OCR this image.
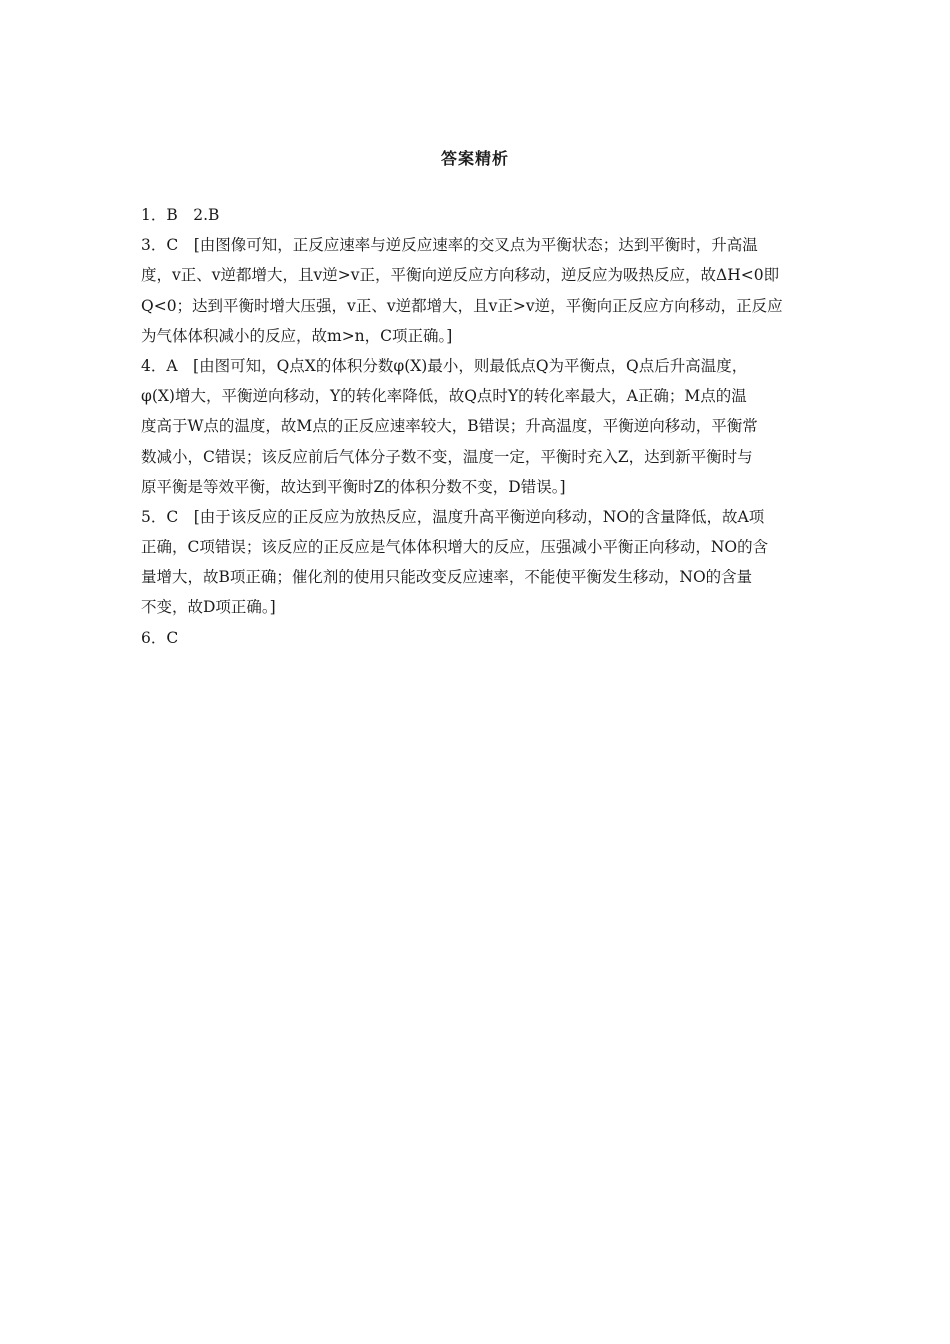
答案精析
1．B　2.B
3．C　[由图像可知，正反应速率与逆反应速率的交叉点为平衡状态；达到平衡时，升高温
度，v正、v逆都增大，且v逆>v正，平衡向逆反应方向移动，逆反应为吸热反应，故ΔH<0即
Q<0；达到平衡时增大压强，v正、v逆都增大，且v正>v逆，平衡向正反应方向移动，正反应
为气体体积减小的反应，故m>n，C项正确。]
4．A　[由图可知，Q点X的体积分数φ(X)最小，则最低点Q为平衡点，Q点后升高温度，
φ(X)增大，平衡逆向移动，Y的转化率降低，故Q点时Y的转化率最大，A正确；M点的温
度高于W点的温度，故M点的正反应速率较大，B错误；升高温度，平衡逆向移动，平衡常
数减小，C错误；该反应前后气体分子数不变，温度一定，平衡时充入Z，达到新平衡时与
原平衡是等效平衡，故达到平衡时Z的体积分数不变，D错误。]
5．C　[由于该反应的正反应为放热反应，温度升高平衡逆向移动，NO的含量降低，故A项
正确，C项错误；该反应的正反应是气体体积增大的反应，压强减小平衡正向移动，NO的含
量增大，故B项正确；催化剂的使用只能改变反应速率，不能使平衡发生移动，NO的含量
不变，故D项正确。]
6．C
